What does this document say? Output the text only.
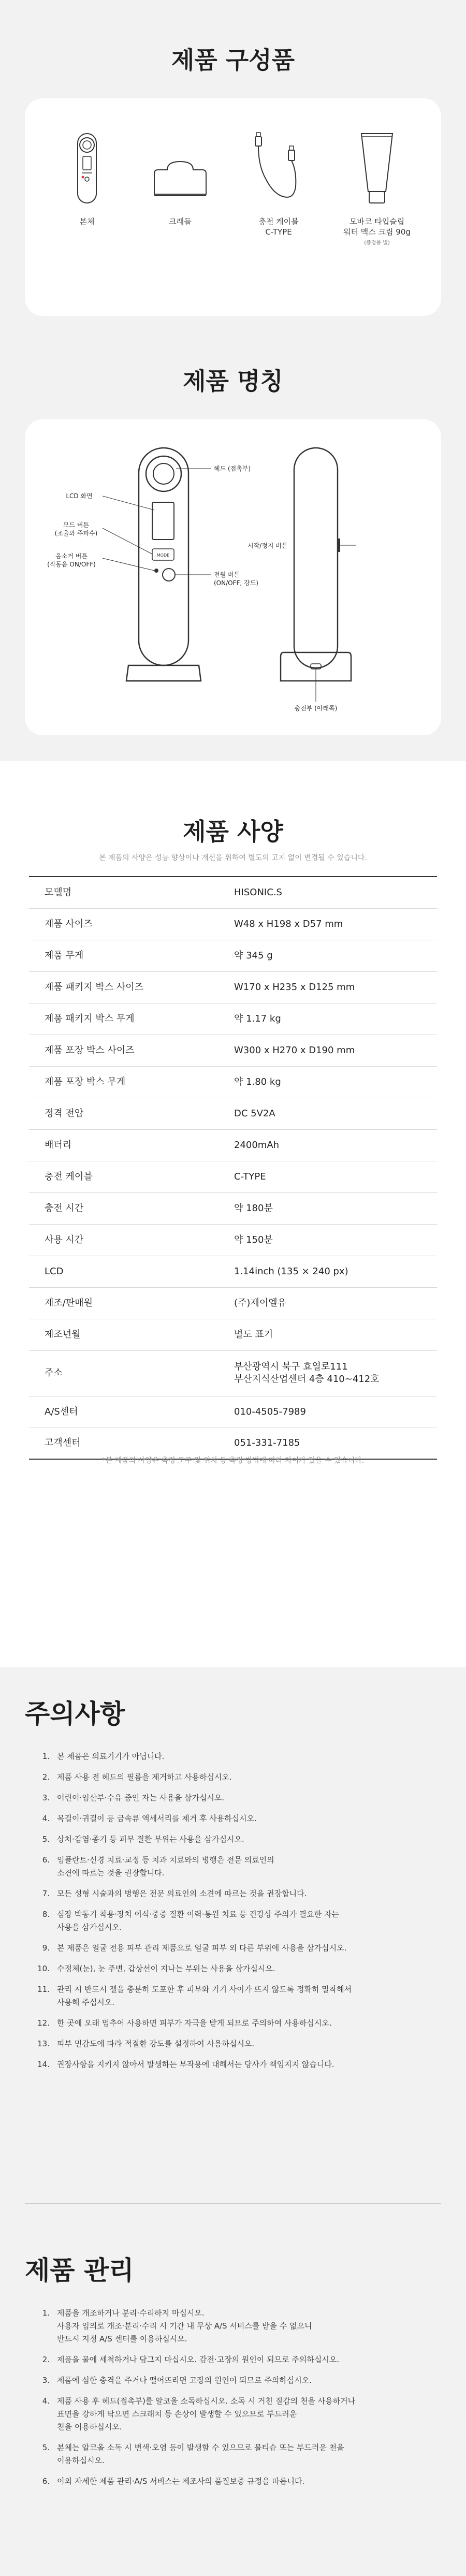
제품 구성품
본체	크래들	충전 케이블
C-TYPE
모바코 타입슬립
워터 맥스 크림 90g
(증정용 별)
제품 명칭
MODE
헤드 (접촉부)
LCD 화면
모드 버튼
(조율와 주파수)
음소거 버튼
(작동음 ON/OFF)
전원 버튼
(ON/OFF, 강도)
시작/정지 버튼
충전부 (아래쪽)
제품 사양
본 제품의 사양은 성능 향상이나 개선을 위하여 별도의 고지 없이 변경될 수 있습니다.
모델명	HISONIC.S
제품 사이즈	W48 x H198 x D57 mm
제품 무게	약 345 g
제품 패키지 박스 사이즈	W170 x H235 x D125 mm
제품 패키지 박스 무게	약 1.17 kg
제품 포장 박스 사이즈	W300 x H270 x D190 mm
제품 포장 박스 무게	약 1.80 kg
정격 전압	DC 5V2A
배터리	2400mAh
충전 케이블	C-TYPE
충전 시간	약 180분
사용 시간	약 150분
LCD	1.14inch (135 × 240 px)
제조/판매원	(주)제이엘유
제조년월	별도 표기
주소	부산광역시 북구 효열로111
부산지식산업센터 4층 410~412호
A/S센터	010-4505-7989
고객센터	051-331-7185
*본 제품의 사양은 측정 도구 및 위치 등 측정 방법에 따라 차이가 있을 수 있습니다.
주의사항
1. 본 제품은 의료기기가 아닙니다.
2. 제품 사용 전 헤드의 필름을 제거하고 사용하십시오.
3. 어린이·임산부·수유 중인 자는 사용을 삼가십시오.
4. 목걸이·귀걸이 등 금속류 액세서리를 제거 후 사용하십시오.
5. 상처·감염·종기 등 피부 질환 부위는 사용을 삼가십시오.
6. 임플란트·신경 치료·교정 등 치과 치료와의 병행은 전문 의료인의
소견에 따르는 것을 권장합니다.
7. 모든 성형 시술과의 병행은 전문 의료인의 소견에 따르는 것을 권장합니다.
8. 심장 박동기 착용·장치 이식·중증 질환 이력·통원 치료 등 건강상 주의가 필요한 자는
사용을 삼가십시오.
9. 본 제품은 얼굴 전용 피부 관리 제품으로 얼굴 피부 외 다른 부위에 사용을 삼가십시오.
10. 수정체(눈), 눈 주변, 갑상선이 지나는 부위는 사용을 삼가십시오.
11. 관리 시 반드시 젤을 충분히 도포한 후 피부와 기기 사이가 뜨지 않도록 정확히 밀착해서
사용해 주십시오.
12. 한 곳에 오래 멈추어 사용하면 피부가 자극을 받게 되므로 주의하여 사용하십시오.
13. 피부 민감도에 따라 적절한 강도를 설정하여 사용하십시오.
14. 권장사항을 지키지 않아서 발생하는 부작용에 대해서는 당사가 책임지지 않습니다.
제품 관리
1. 제품을 개조하거나 분리·수리하지 마십시오.
사용자 임의로 개조·분리·수리 시 기간 내 무상 A/S 서비스를 받을 수 없으니
반드시 지정 A/S 센터를 이용하십시오.
2. 제품을 물에 세척하거나 담그지 마십시오. 감전·고장의 원인이 되므로 주의하십시오.
3. 제품에 심한 충격을 주거나 떨어뜨리면 고장의 원인이 되므로 주의하십시오.
4. 제품 사용 후 헤드(접촉부)를 알코올 소독하십시오. 소독 시 거친 질감의 천을 사용하거나
표면을 강하게 닦으면 스크래치 등 손상이 발생할 수 있으므로 부드러운
천을 이용하십시오.
5. 본체는 알코올 소독 시 변색·오염 등이 발생할 수 있으므로 물티슈 또는 부드러운 천을
이용하십시오.
6. 이외 자세한 제품 관리·A/S 서비스는 제조사의 품질보증 규정을 따릅니다.
